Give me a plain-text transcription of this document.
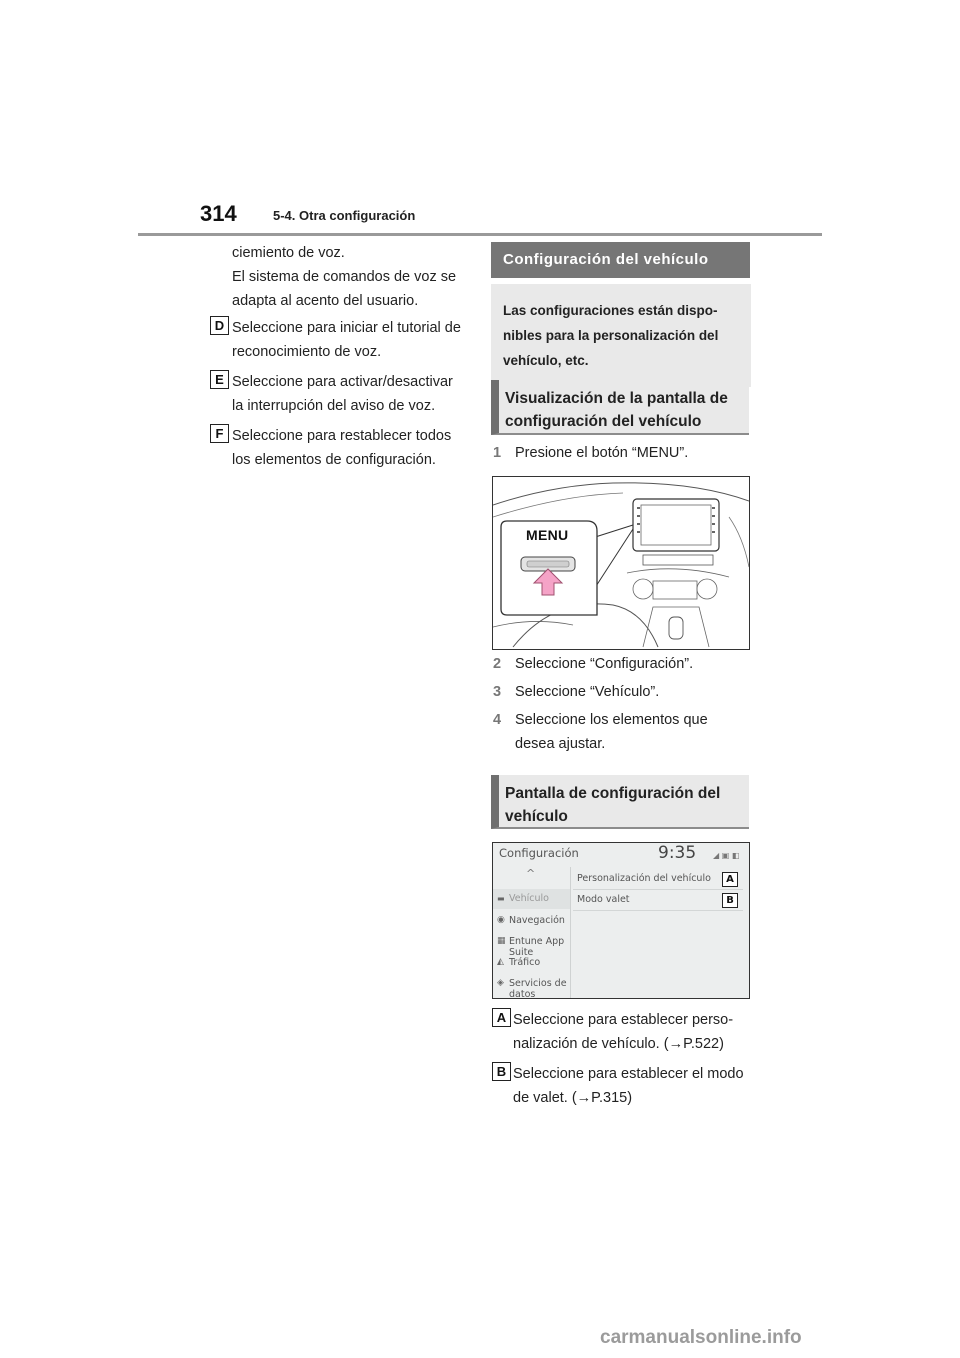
314	5-4. Otra configuración
ciemiento de voz.
El sistema de comandos de voz se
adapta al acento del usuario.
D Seleccione para iniciar el tutorial de
reconocimiento de voz.
E Seleccione para activar/desactivar
la interrupción del aviso de voz.
F Seleccione para restablecer todos
los elementos de configuración.
Configuración del vehículo
Las configuraciones están dispo-
nibles para la personalización del
vehículo, etc.
Visualización de la pantalla de
configuración del vehículo
1 Presione el botón “MENU”.
MENU
2 Seleccione “Configuración”.
3 Seleccione “Vehículo”.
4 Seleccione los elementos que
desea ajustar.
Pantalla de configuración del
vehículo
Configuración	9:35 ◢ ▣ ◧
^
▬ Vehículo
◉ Navegación
▦ Entune App Suite
◭ Tráfico
◈ Servicios de datos
Personalización del vehículo
Modo valet
A
B
A Seleccione para establecer perso-
nalización de vehículo. (→P.522)
B Seleccione para establecer el modo
de valet. (→P.315)
carmanualsonline.info
